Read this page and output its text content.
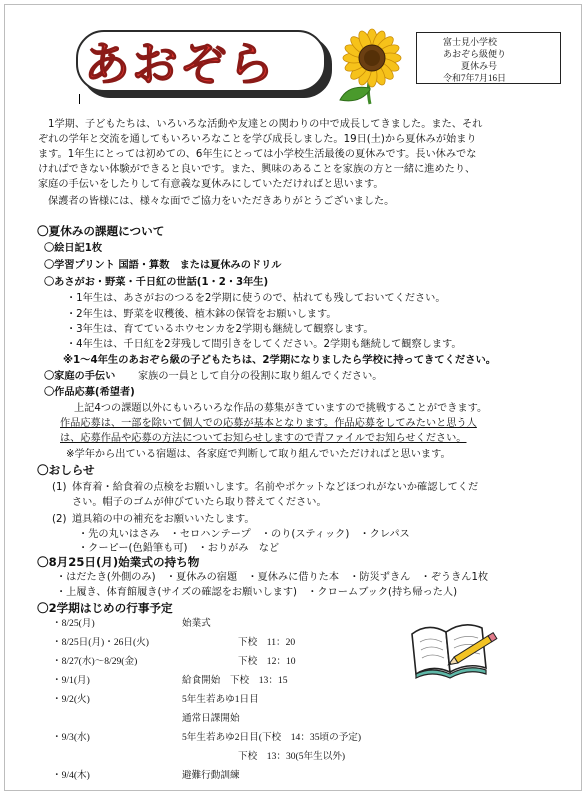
あおぞら	富士見小学校
あおぞら級便り
夏休み号
令和7年7月16日
1学期、子どもたちは、いろいろな活動や友達との関わりの中で成長してきました。また、それ
ぞれの学年と交流を通してもいろいろなことを学び成長しました。19日(土)から夏休みが始まり
ます。1年生にとっては初めての、6年生にとっては小学校生活最後の夏休みです。長い休みでな
ければできない体験ができると良いです。また、興味のあることを家族の方と一緒に進めたり、
家庭の手伝いをしたりして有意義な夏休みにしていただければと思います。
保護者の皆様には、様々な面でご協力をいただきありがとうございました。
〇夏休みの課題について
〇絵日記1枚
〇学習プリント 国語・算数　または夏休みのドリル
〇あさがお・野菜・千日紅の世話(1・2・3年生)
・1年生は、あさがおのつるを2学期に使うので、枯れても残しておいてください。
・2年生は、野菜を収穫後、植木鉢の保管をお願いします。
・3年生は、育てているホウセンカを2学期も継続して観察します。
・4年生は、千日紅を2芽残して間引きをしてください。2学期も継続して観察します。
※1〜4年生のあおぞら級の子どもたちは、2学期になりましたら学校に持ってきてください。
〇家庭の手伝い 家族の一員として自分の役割に取り組んでください。
〇作品応募(希望者)
上記4つの課題以外にもいろいろな作品の募集がきていますので挑戦することができます。
作品応募は、一部を除いて個人での応募が基本となります。作品応募をしてみたいと思う人
は、応募作品や応募の方法についてお知らせしますので青ファイルでお知らせください。
※学年から出ている宿題は、各家庭で判断して取り組んでいただければと思います。
〇おしらせ
(1) 体育着・給食着の点検をお願いします。名前やポケットなどほつれがないか確認してくだ
さい。帽子のゴムが伸びていたら取り替えてください。
(2) 道具箱の中の補充をお願いいたします。
・先の丸いはさみ　・セロハンテープ　・のり(スティック)　・クレパス
・クーピー(色鉛筆も可)　・おりがみ　など
〇8月25日(月)始業式の持ち物
・はだたき(外側のみ)　・夏休みの宿題　・夏休みに借りた本　・防災ずきん　・ぞうきん1枚
・上履き、体育館履き(サイズの確認をお願いします)　・クロームブック(持ち帰った人)
〇2学期はじめの行事予定
・8/25(月)	始業式
・8/25日(月)・26日(火)	下校　11：20
・8/27(水)〜8/29(金)	下校　12：10
・9/1(月)	給食開始　下校　13：15
・9/2(火)	5年生若あゆ1日目
通常日課開始
・9/3(水)	5年生若あゆ2日目(下校　14：35頃の予定)
下校　13：30(5年生以外)
・9/4(木)	避難行動訓練
